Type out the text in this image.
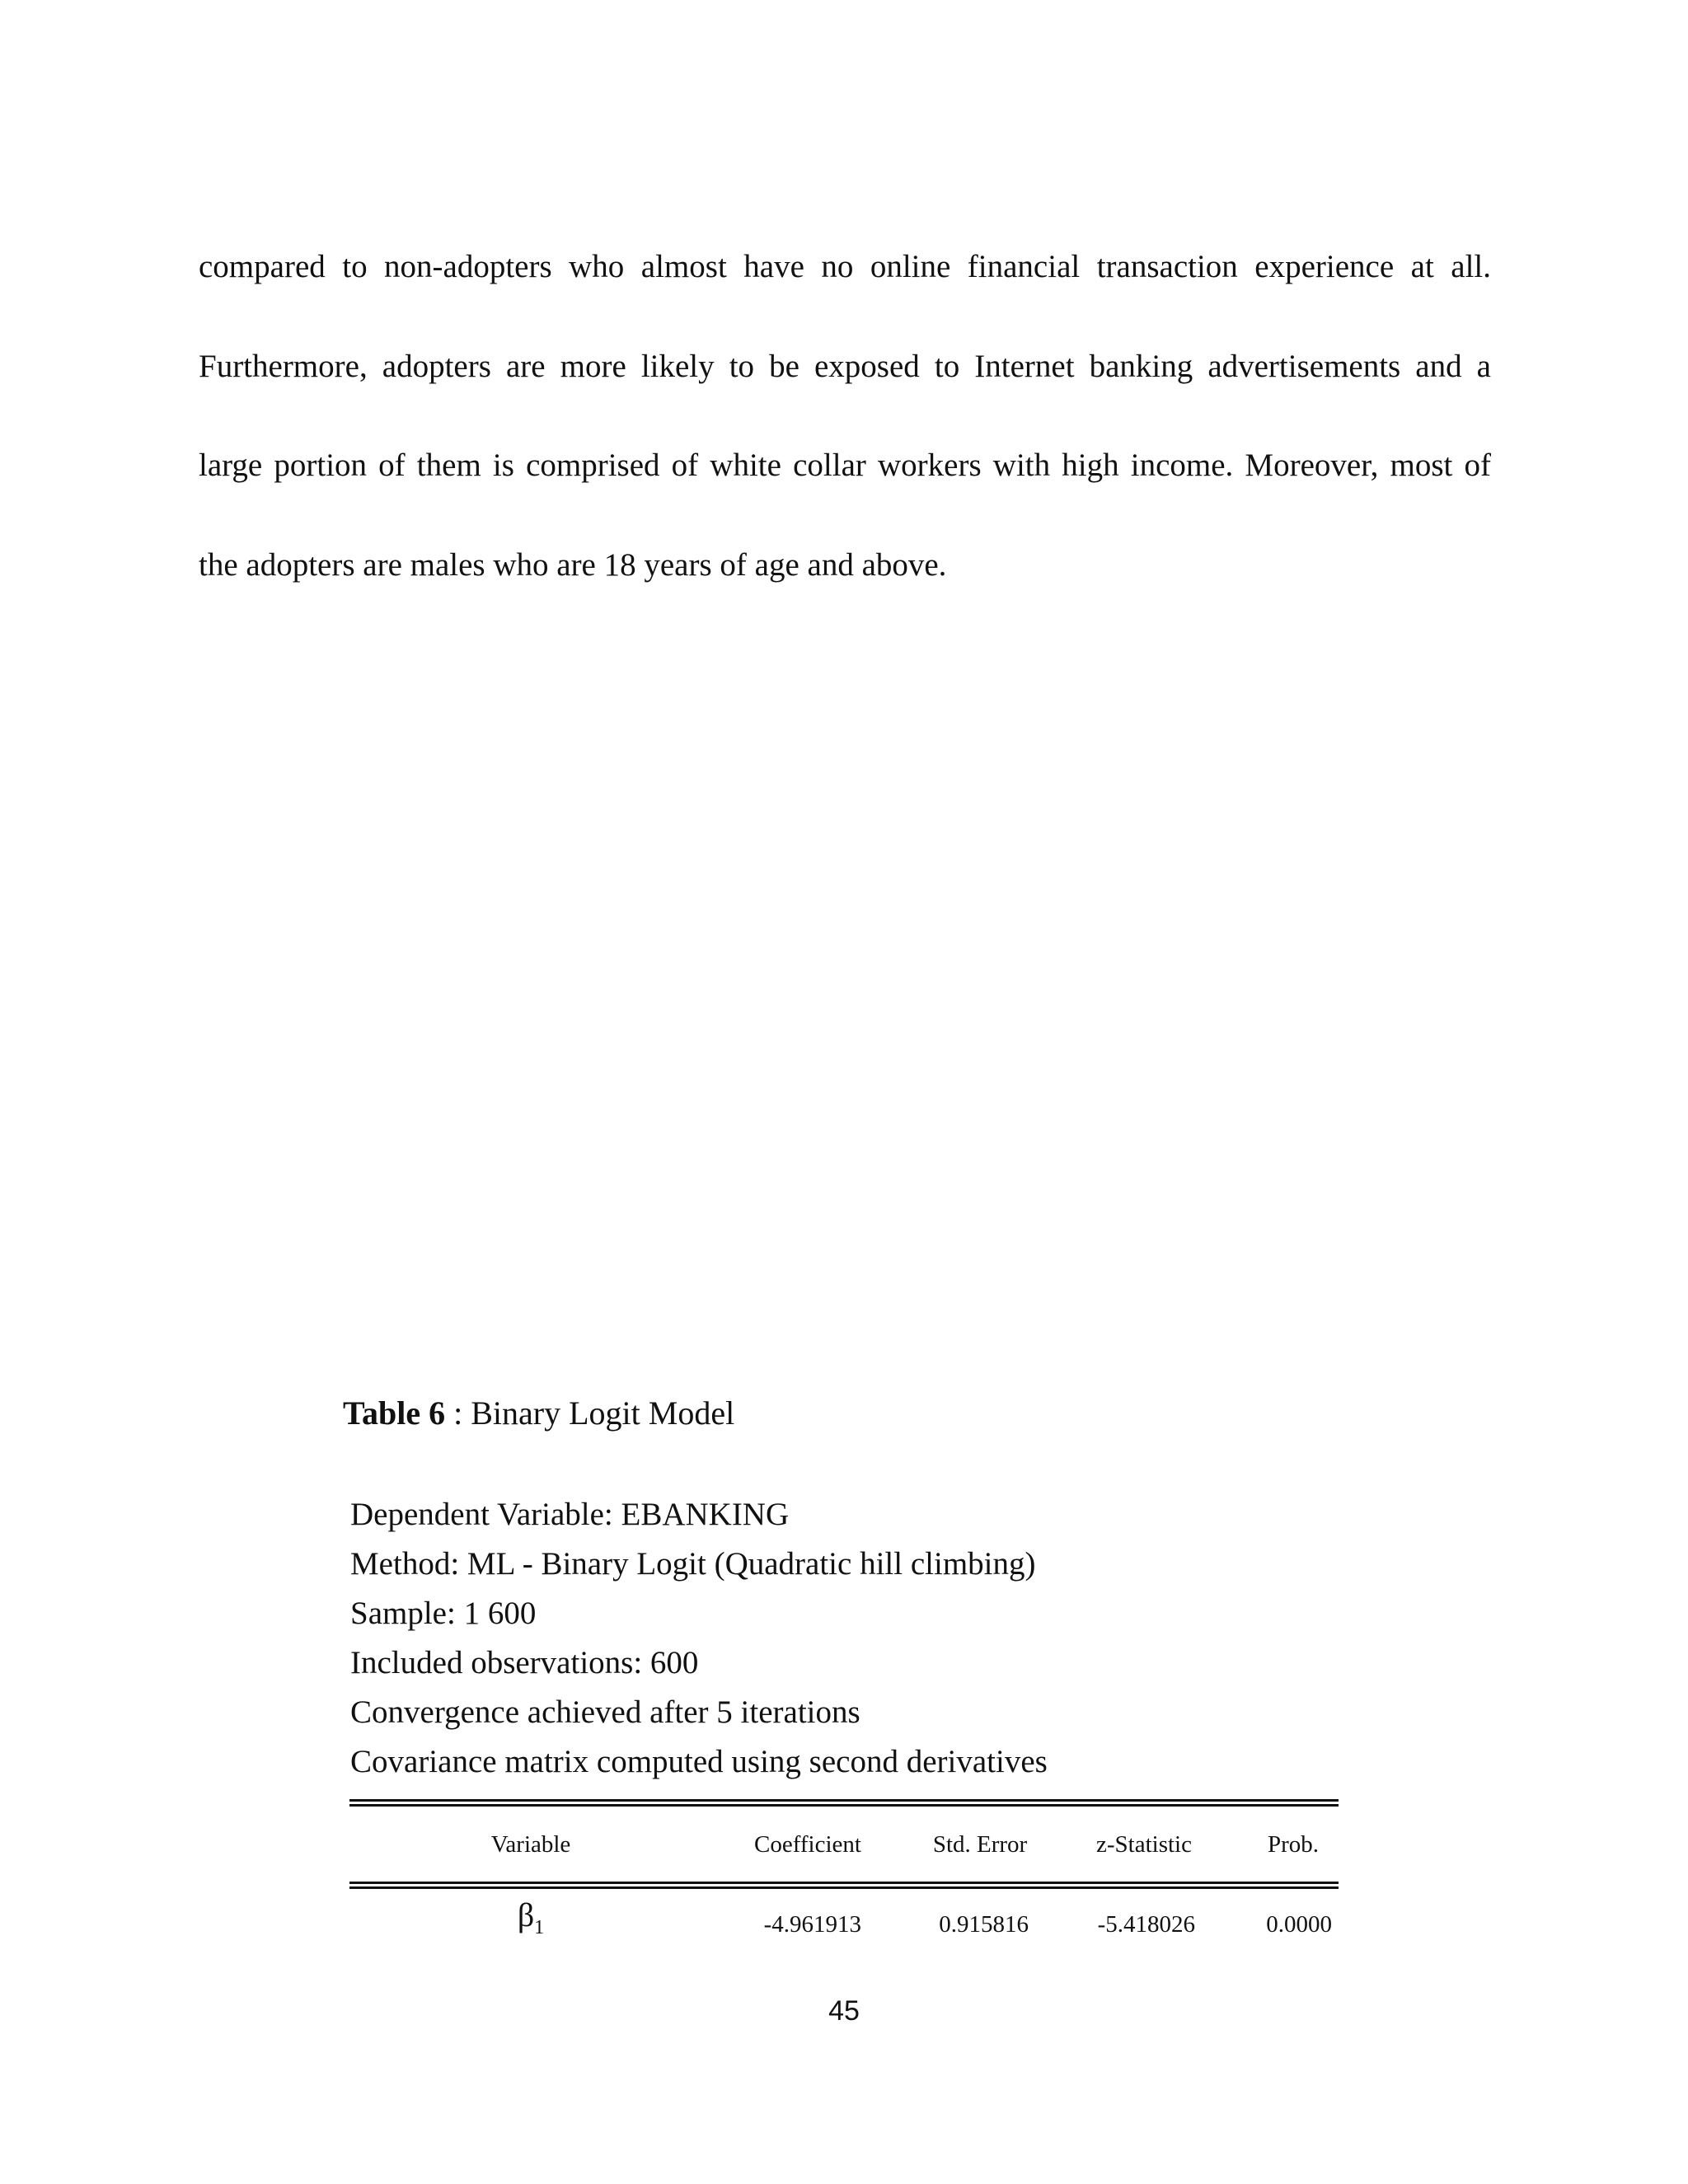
compared to non-adopters who almost have no online financial transaction experience at all.
Furthermore, adopters are more likely to be exposed to Internet banking advertisements and a
large portion of them is comprised of white collar workers with high income. Moreover, most of
the adopters are males who are 18 years of age and above.
Table 6 : Binary Logit Model
Dependent Variable: EBANKING
Method: ML - Binary Logit (Quadratic hill climbing)
Sample: 1 600
Included observations: 600
Convergence achieved after 5 iterations
Covariance matrix computed using second derivatives
Variable	Coefficient	Std. Error	z-Statistic	Prob.
$\beta_1$	-4.961913	0.915816	-5.418026	0.0000
45
